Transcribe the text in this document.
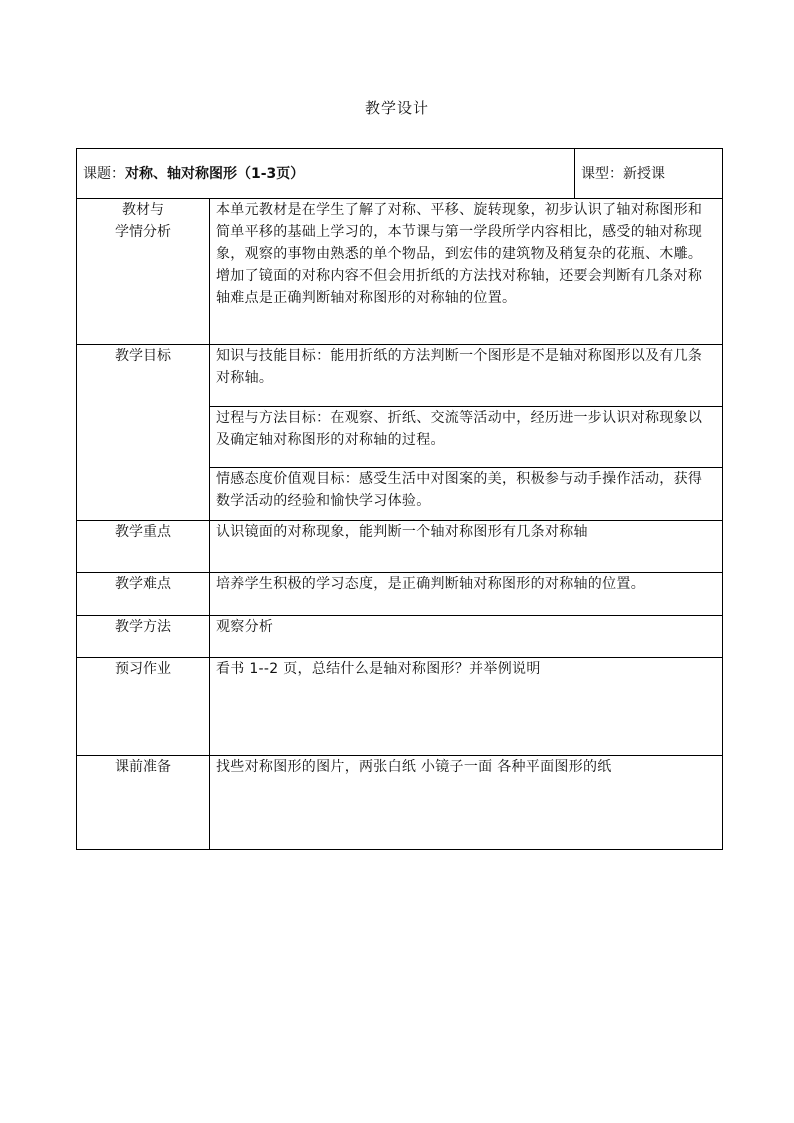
教学设计
课题：对称、轴对称图形（1-3页）		课型：新授课

教材与
学情分析	本单元教材是在学生了解了对称、平移、旋转现象，初步认识了轴对称图形和简单平移的基础上学习的，本节课与第一学段所学内容相比，感受的轴对称现象，观察的事物由熟悉的单个物品，到宏伟的建筑物及稍复杂的花瓶、木雕。增加了镜面的对称内容不但会用折纸的方法找对称轴，还要会判断有几条对称轴难点是正确判断轴对称图形的对称轴的位置。	
教学目标	知识与技能目标：能用折纸的方法判断一个图形是不是轴对称图形以及有几条对称轴。	
	过程与方法目标：在观察、折纸、交流等活动中，经历进一步认识对称现象以及确定轴对称图形的对称轴的过程。	
	情感态度价值观目标：感受生活中对图案的美，积极参与动手操作活动，获得数学活动的经验和愉快学习体验。	
教学重点	认识镜面的对称现象，能判断一个轴对称图形有几条对称轴	
教学难点	培养学生积极的学习态度，是正确判断轴对称图形的对称轴的位置。	
教学方法	观察分析	
预习作业	看书 1--2 页，总结什么是轴对称图形？并举例说明	
课前准备	找些对称图形的图片，两张白纸 小镜子一面 各种平面图形的纸	
